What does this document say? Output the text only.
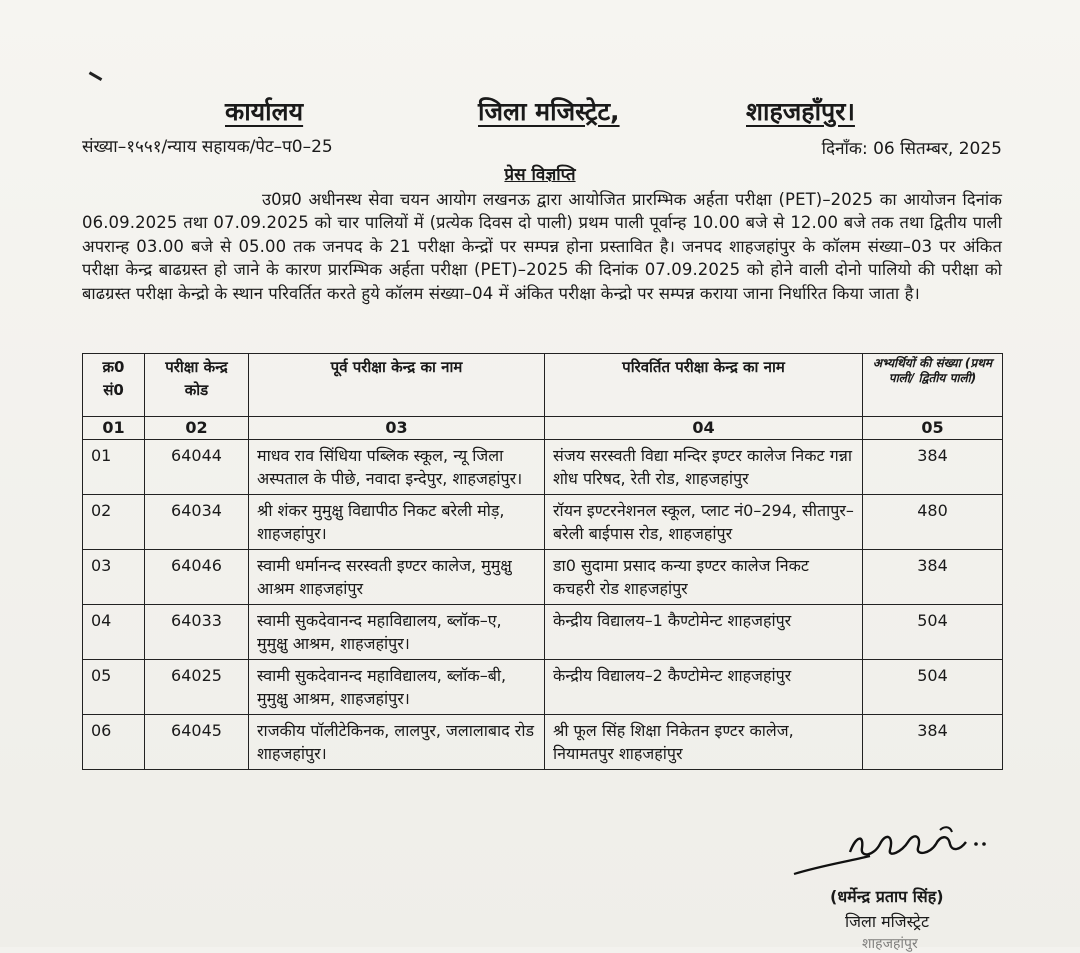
कार्यालय	जिला मजिस्ट्रेट,	शाहजहाँपुर।
संख्या–१५५१/न्याय सहायक/पेट–प0–25	दिनाँक: 06 सितम्बर, 2025
प्रेस विज्ञप्ति
उ0प्र0 अधीनस्थ सेवा चयन आयोग लखनऊ द्वारा आयोजित प्रारम्भिक अर्हता परीक्षा (PET)–2025 का आयोजन दिनांक 06.09.2025 तथा 07.09.2025 को चार पालियों में (प्रत्येक दिवस दो पाली) प्रथम पाली पूर्वान्ह 10.00 बजे से 12.00 बजे तक तथा द्वितीय पाली अपरान्ह 03.00 बजे से 05.00 तक जनपद के 21 परीक्षा केन्द्रों पर सम्पन्न होना प्रस्तावित है। जनपद शाहजहांपुर के कॉलम संख्या–03 पर अंकित परीक्षा केन्द्र बाढग्रस्त हो जाने के कारण प्रारम्भिक अर्हता परीक्षा (PET)–2025 की दिनांक 07.09.2025 को होने वाली दोनो पालियो की परीक्षा को बाढग्रस्त परीक्षा केन्द्रो के स्थान परिवर्तित करते हुये कॉलम संख्या–04 में अंकित परीक्षा केन्द्रो पर सम्पन्न कराया जाना निर्धारित किया जाता है।
क्र0 सं0	परीक्षा केन्द्र कोड	पूर्व परीक्षा केन्द्र का नाम	परिवर्तित परीक्षा केन्द्र का नाम	अभ्यर्थियों की संख्या (प्रथम पाली/ द्वितीय पाली)
01	02	03	04	05
01	64044	माधव राव सिंधिया पब्लिक स्कूल, न्यू जिला अस्पताल के पीछे, नवादा इन्देपुर, शाहजहांपुर।	संजय सरस्वती विद्या मन्दिर इण्टर कालेज निकट गन्ना शोध परिषद, रेती रोड, शाहजहांपुर	384
02	64034	श्री शंकर मुमुक्षु विद्यापीठ निकट बरेली मोड़, शाहजहांपुर।	रॉयन इण्टरनेशनल स्कूल, प्लाट नं0–294, सीतापुर–बरेली बाईपास रोड, शाहजहांपुर	480
03	64046	स्वामी धर्मानन्द सरस्वती इण्टर कालेज, मुमुक्षु आश्रम शाहजहांपुर	डा0 सुदामा प्रसाद कन्या इण्टर कालेज निकट कचहरी रोड शाहजहांपुर	384
04	64033	स्वामी सुकदेवानन्द महाविद्यालय, ब्लॉक–ए, मुमुक्षु आश्रम, शाहजहांपुर।	केन्द्रीय विद्यालय–1 कैण्टोमेन्ट शाहजहांपुर	504
05	64025	स्वामी सुकदेवानन्द महाविद्यालय, ब्लॉक–बी, मुमुक्षु आश्रम, शाहजहांपुर।	केन्द्रीय विद्यालय–2 कैण्टोमेन्ट शाहजहांपुर	504
06	64045	राजकीय पॉलीटेकिनक, लालपुर, जलालाबाद रोड शाहजहांपुर।	श्री फूल सिंह शिक्षा निकेतन इण्टर कालेज, नियामतपुर शाहजहांपुर	384
(धर्मेन्द्र प्रताप सिंह)
जिला मजिस्ट्रेट
शाहजहांपुर
